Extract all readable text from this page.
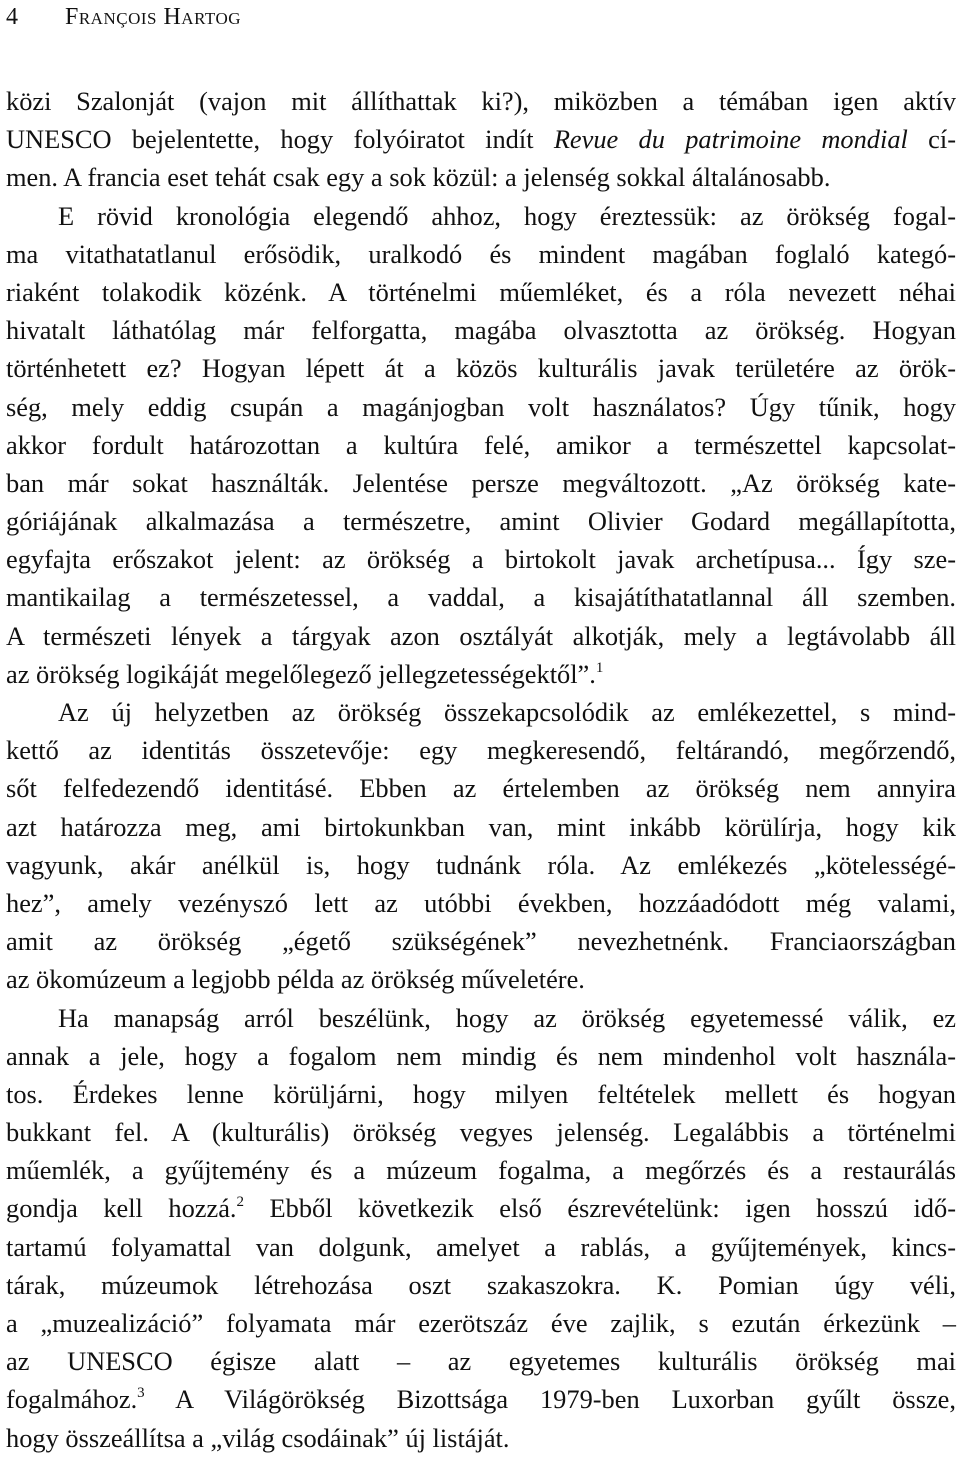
4 François Hartog
közi Szalonját (vajon mit állíthattak ki?), miközben a témában igen aktív
UNESCO bejelentette, hogy folyóiratot indít Revue du patrimoine mondial cí-
men. A francia eset tehát csak egy a sok közül: a jelenség sokkal általánosabb.
E rövid kronológia elegendő ahhoz, hogy éreztessük: az örökség fogal-
ma vitathatatlanul erősödik, uralkodó és mindent magában foglaló kategó-
riaként tolakodik közénk. A történelmi műemléket, és a róla nevezett néhai
hivatalt láthatólag már felforgatta, magába olvasztotta az örökség. Hogyan
történhetett ez? Hogyan lépett át a közös kulturális javak területére az örök-
ség, mely eddig csupán a magánjogban volt használatos? Úgy tűnik, hogy
akkor fordult határozottan a kultúra felé, amikor a természettel kapcsolat-
ban már sokat használták. Jelentése persze megváltozott. „Az örökség kate-
góriájának alkalmazása a természetre, amint Olivier Godard megállapította,
egyfajta erőszakot jelent: az örökség a birtokolt javak archetípusa... Így sze-
mantikailag a természetessel, a vaddal, a kisajátíthatatlannal áll szemben.
A természeti lények a tárgyak azon osztályát alkotják, mely a legtávolabb áll
az örökség logikáját megelőlegező jellegzetességektől”.$^1$
Az új helyzetben az örökség összekapcsolódik az emlékezettel, s mind-
kettő az identitás összetevője: egy megkeresendő, feltárandó, megőrzendő,
sőt felfedezendő identitásé. Ebben az értelemben az örökség nem annyira
azt határozza meg, ami birtokunkban van, mint inkább körülírja, hogy kik
vagyunk, akár anélkül is, hogy tudnánk róla. Az emlékezés „kötelességé-
hez”, amely vezényszó lett az utóbbi években, hozzáadódott még valami,
amit az örökség „égető szükségének” nevezhetnénk. Franciaországban
az ökomúzeum a legjobb példa az örökség műveletére.
Ha manapság arról beszélünk, hogy az örökség egyetemessé válik, ez
annak a jele, hogy a fogalom nem mindig és nem mindenhol volt használa-
tos. Érdekes lenne körüljárni, hogy milyen feltételek mellett és hogyan
bukkant fel. A (kulturális) örökség vegyes jelenség. Legalábbis a történelmi
műemlék, a gyűjtemény és a múzeum fogalma, a megőrzés és a restaurálás
gondja kell hozzá.$^2$ Ebből következik első észrevételünk: igen hosszú idő-
tartamú folyamattal van dolgunk, amelyet a rablás, a gyűjtemények, kincs-
tárak, múzeumok létrehozása oszt szakaszokra. K. Pomian úgy véli,
a „muzealizáció” folyamata már ezerötszáz éve zajlik, s ezután érkezünk –
az UNESCO égisze alatt – az egyetemes kulturális örökség mai
fogalmához.$^3$ A Világörökség Bizottsága 1979-ben Luxorban gyűlt össze,
hogy összeállítsa a „világ csodáinak” új listáját.
